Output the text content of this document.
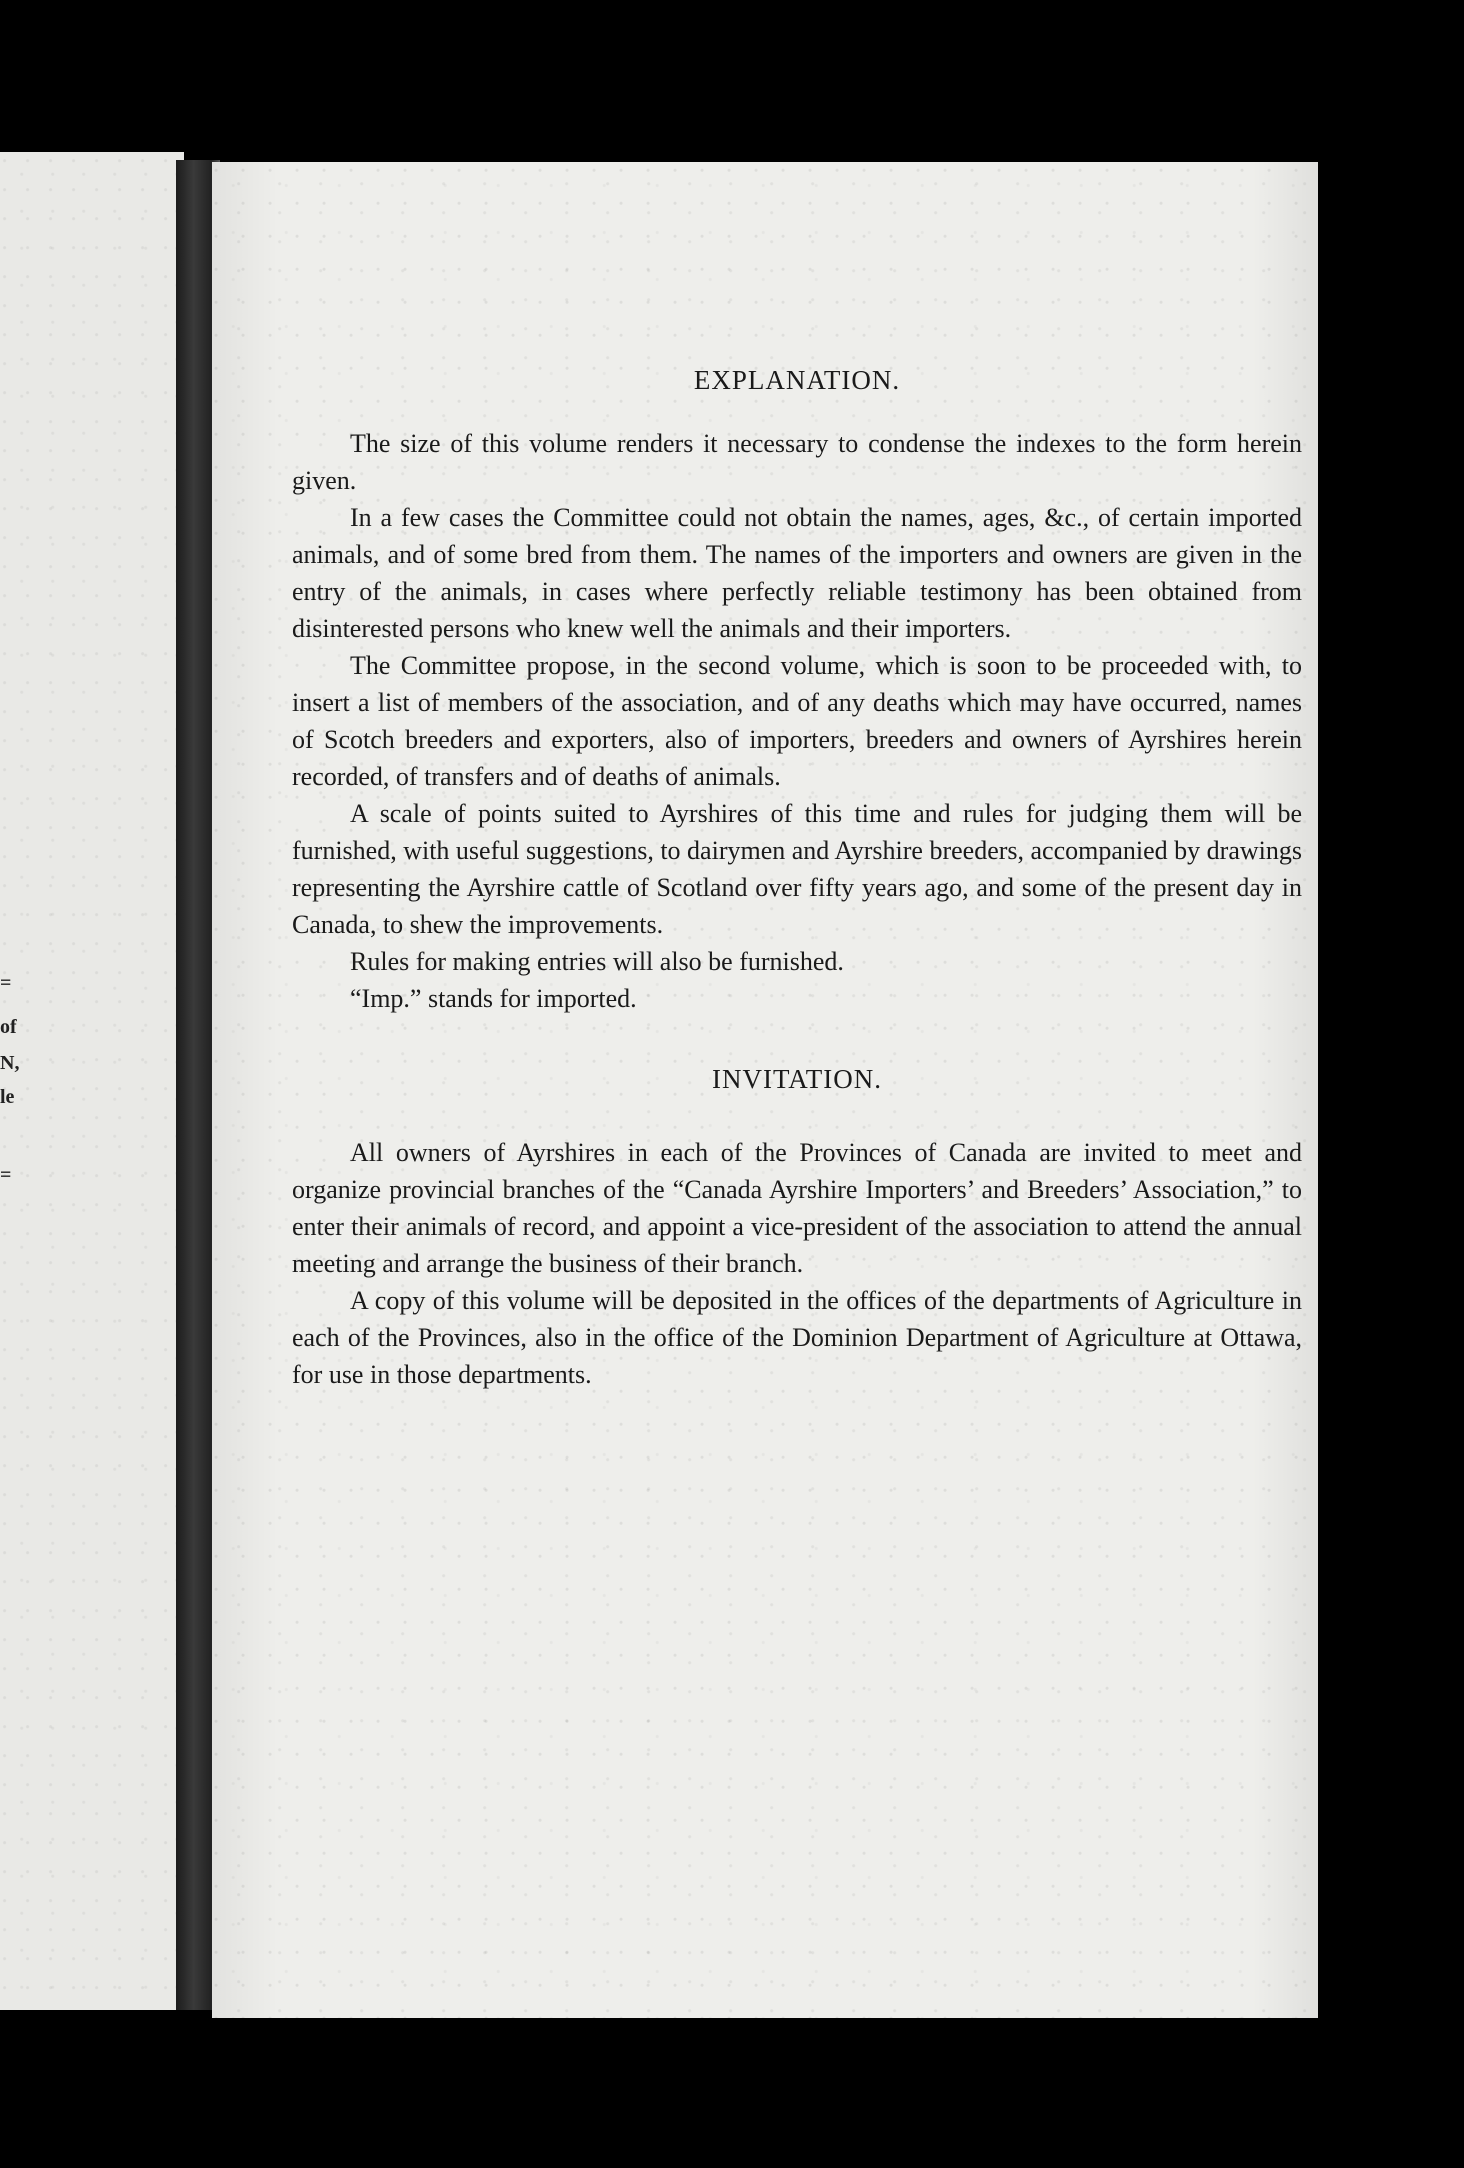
=
of
N,
le
=
EXPLANATION.

The size of this volume renders it necessary to condense the indexes to the form herein given.

In a few cases the Committee could not obtain the names, ages, &c., of certain imported animals, and of some bred from them. The names of the importers and owners are given in the entry of the animals, in cases where perfectly reliable testimony has been obtained from disinterested persons who knew well the animals and their importers.

The Committee propose, in the second volume, which is soon to be proceeded with, to insert a list of members of the association, and of any deaths which may have occurred, names of Scotch breeders and exporters, also of importers, breeders and owners of Ayrshires herein recorded, of transfers and of deaths of animals.

A scale of points suited to Ayrshires of this time and rules for judging them will be furnished, with useful suggestions, to dairymen and Ayrshire breeders, accompanied by drawings representing the Ayrshire cattle of Scotland over fifty years ago, and some of the present day in Canada, to shew the improvements.

Rules for making entries will also be furnished.

“Imp.” stands for imported.

INVITATION.

All owners of Ayrshires in each of the Provinces of Canada are invited to meet and organize provincial branches of the “Canada Ayrshire Importers’ and Breeders’ Association,” to enter their animals of record, and appoint a vice-president of the association to attend the annual meeting and arrange the business of their branch.

A copy of this volume will be deposited in the offices of the departments of Agriculture in each of the Provinces, also in the office of the Dominion Department of Agriculture at Ottawa, for use in those departments.
